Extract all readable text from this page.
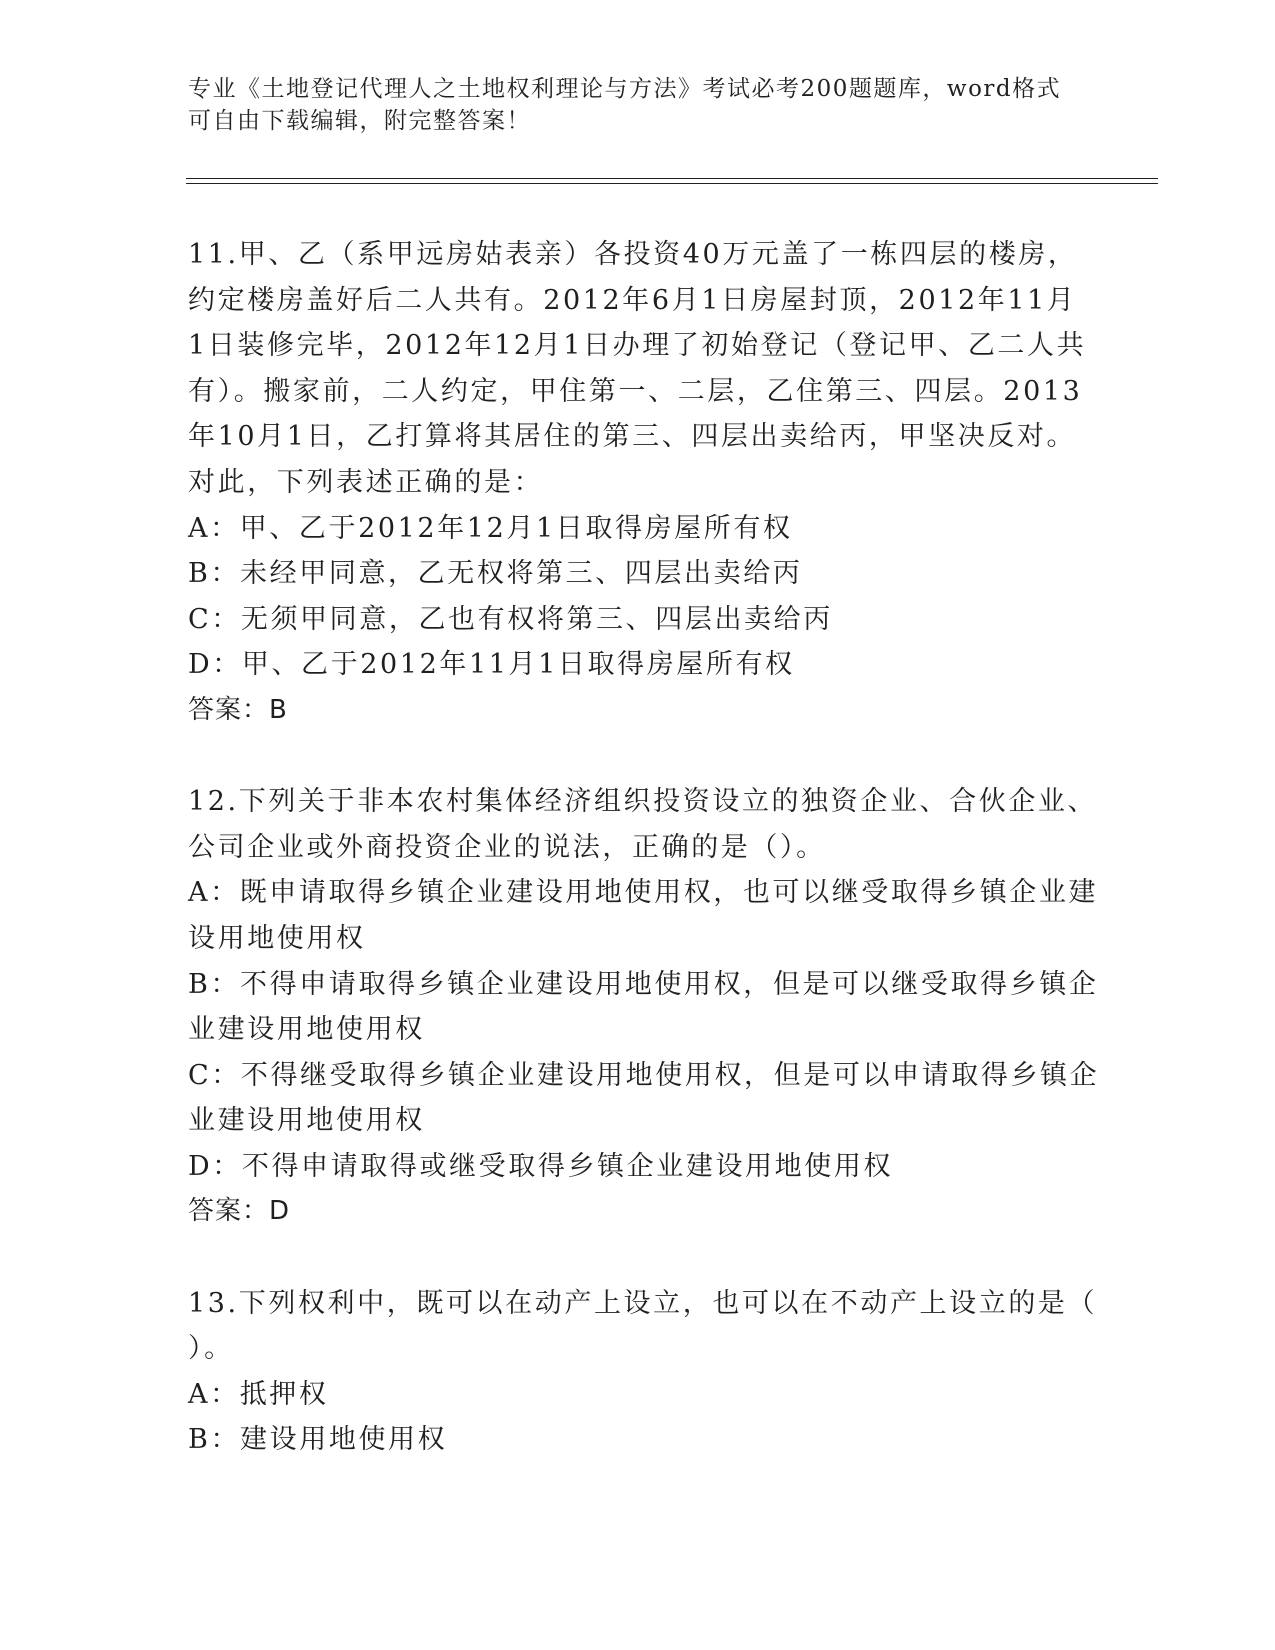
专业《土地登记代理人之土地权利理论与方法》考试必考200题题库，word格式
可自由下载编辑，附完整答案！
11.甲、乙（系甲远房姑表亲）各投资40万元盖了一栋四层的楼房，
约定楼房盖好后二人共有。2012年6月1日房屋封顶，2012年11月
1日装修完毕，2012年12月1日办理了初始登记（登记甲、乙二人共
有）。搬家前，二人约定，甲住第一、二层，乙住第三、四层。2013
年10月1日，乙打算将其居住的第三、四层出卖给丙，甲坚决反对。
对此，下列表述正确的是：
A：甲、乙于2012年12月1日取得房屋所有权
B：未经甲同意，乙无权将第三、四层出卖给丙
C：无须甲同意，乙也有权将第三、四层出卖给丙
D：甲、乙于2012年11月1日取得房屋所有权
答案：B
12.下列关于非本农村集体经济组织投资设立的独资企业、合伙企业、
公司企业或外商投资企业的说法，正确的是（）。
A：既申请取得乡镇企业建设用地使用权，也可以继受取得乡镇企业建
设用地使用权
B：不得申请取得乡镇企业建设用地使用权，但是可以继受取得乡镇企
业建设用地使用权
C：不得继受取得乡镇企业建设用地使用权，但是可以申请取得乡镇企
业建设用地使用权
D：不得申请取得或继受取得乡镇企业建设用地使用权
答案：D
13.下列权利中，既可以在动产上设立，也可以在不动产上设立的是（
）。
A：抵押权
B：建设用地使用权
